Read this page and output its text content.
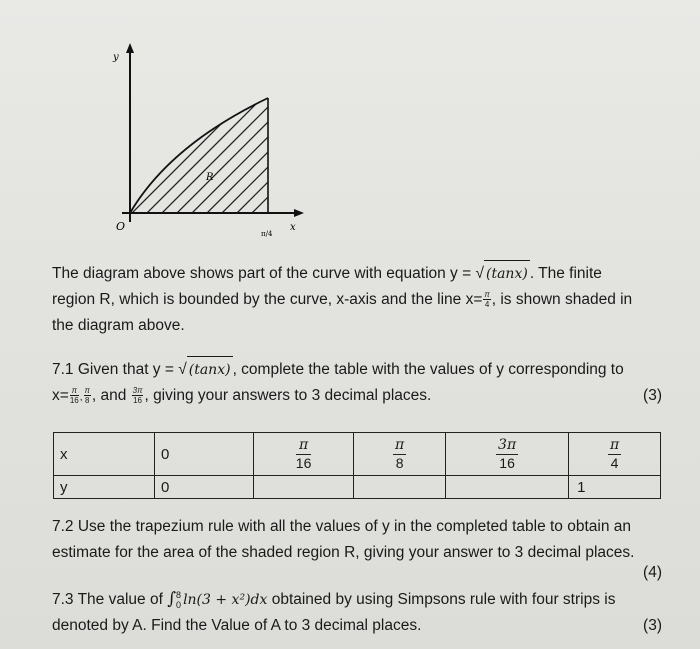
y
x
O
R
π/4
The diagram above shows part of the curve with equation y = √ (tanx) . The finite
region R, which is bounded by the curve, x-axis and the line $x= \frac{\pi}{4}$ , is shown shaded in
the diagram above.
7.1 Given that y = √ (tanx) , complete the table with the values of y corresponding to
$x= \frac{\pi}{16}$ , $\frac{\pi}{8}$ , and $\frac{3\pi}{16}$ , giving your answers to 3 decimal places.	(3)
x	0	$\frac{\pi}{16}$	$\frac{\pi}{8}$	$\frac{3\pi}{16}$	$\frac{\pi}{4}$

y	0				1
7.2 Use the trapezium rule with all the values of y in the completed table to obtain an
estimate for the area of the shaded region R, giving your answer to 3 decimal places.
(4)
7.3 The value of ∫ 8
0 ln(3 + x²)dx obtained by using Simpsons rule with four strips is
denoted by A. Find the Value of A to 3 decimal places.	(3)
